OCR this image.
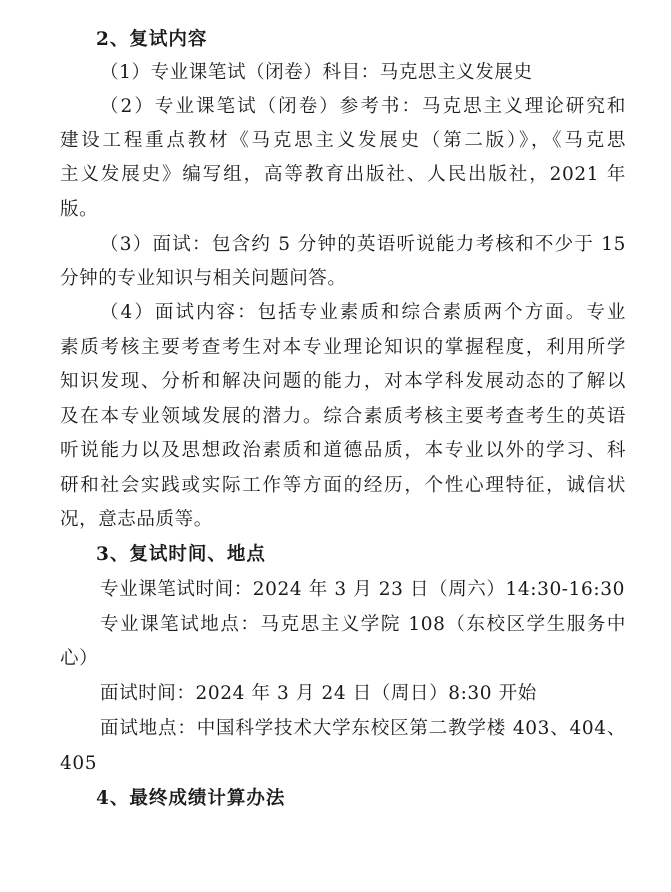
2、复试内容
（1）专业课笔试（闭卷）科目：马克思主义发展史
（2）专业课笔试（闭卷）参考书：马克思主义理论研究和
建设工程重点教材《马克思主义发展史（第二版）》，《马克思
主义发展史》编写组，高等教育出版社、人民出版社，2021 年
版。
（3）面试：包含约 5 分钟的英语听说能力考核和不少于 15
分钟的专业知识与相关问题问答。
（4）面试内容：包括专业素质和综合素质两个方面。专业
素质考核主要考查考生对本专业理论知识的掌握程度，利用所学
知识发现、分析和解决问题的能力，对本学科发展动态的了解以
及在本专业领域发展的潜力。综合素质考核主要考查考生的英语
听说能力以及思想政治素质和道德品质，本专业以外的学习、科
研和社会实践或实际工作等方面的经历，个性心理特征，诚信状
况，意志品质等。
3、复试时间、地点
专业课笔试时间：2024 年 3 月 23 日（周六）14:30-16:30
专业课笔试地点：马克思主义学院 108（东校区学生服务中
心）
面试时间：2024 年 3 月 24 日（周日）8:30 开始
面试地点：中国科学技术大学东校区第二教学楼 403、404、
405
4、最终成绩计算办法
